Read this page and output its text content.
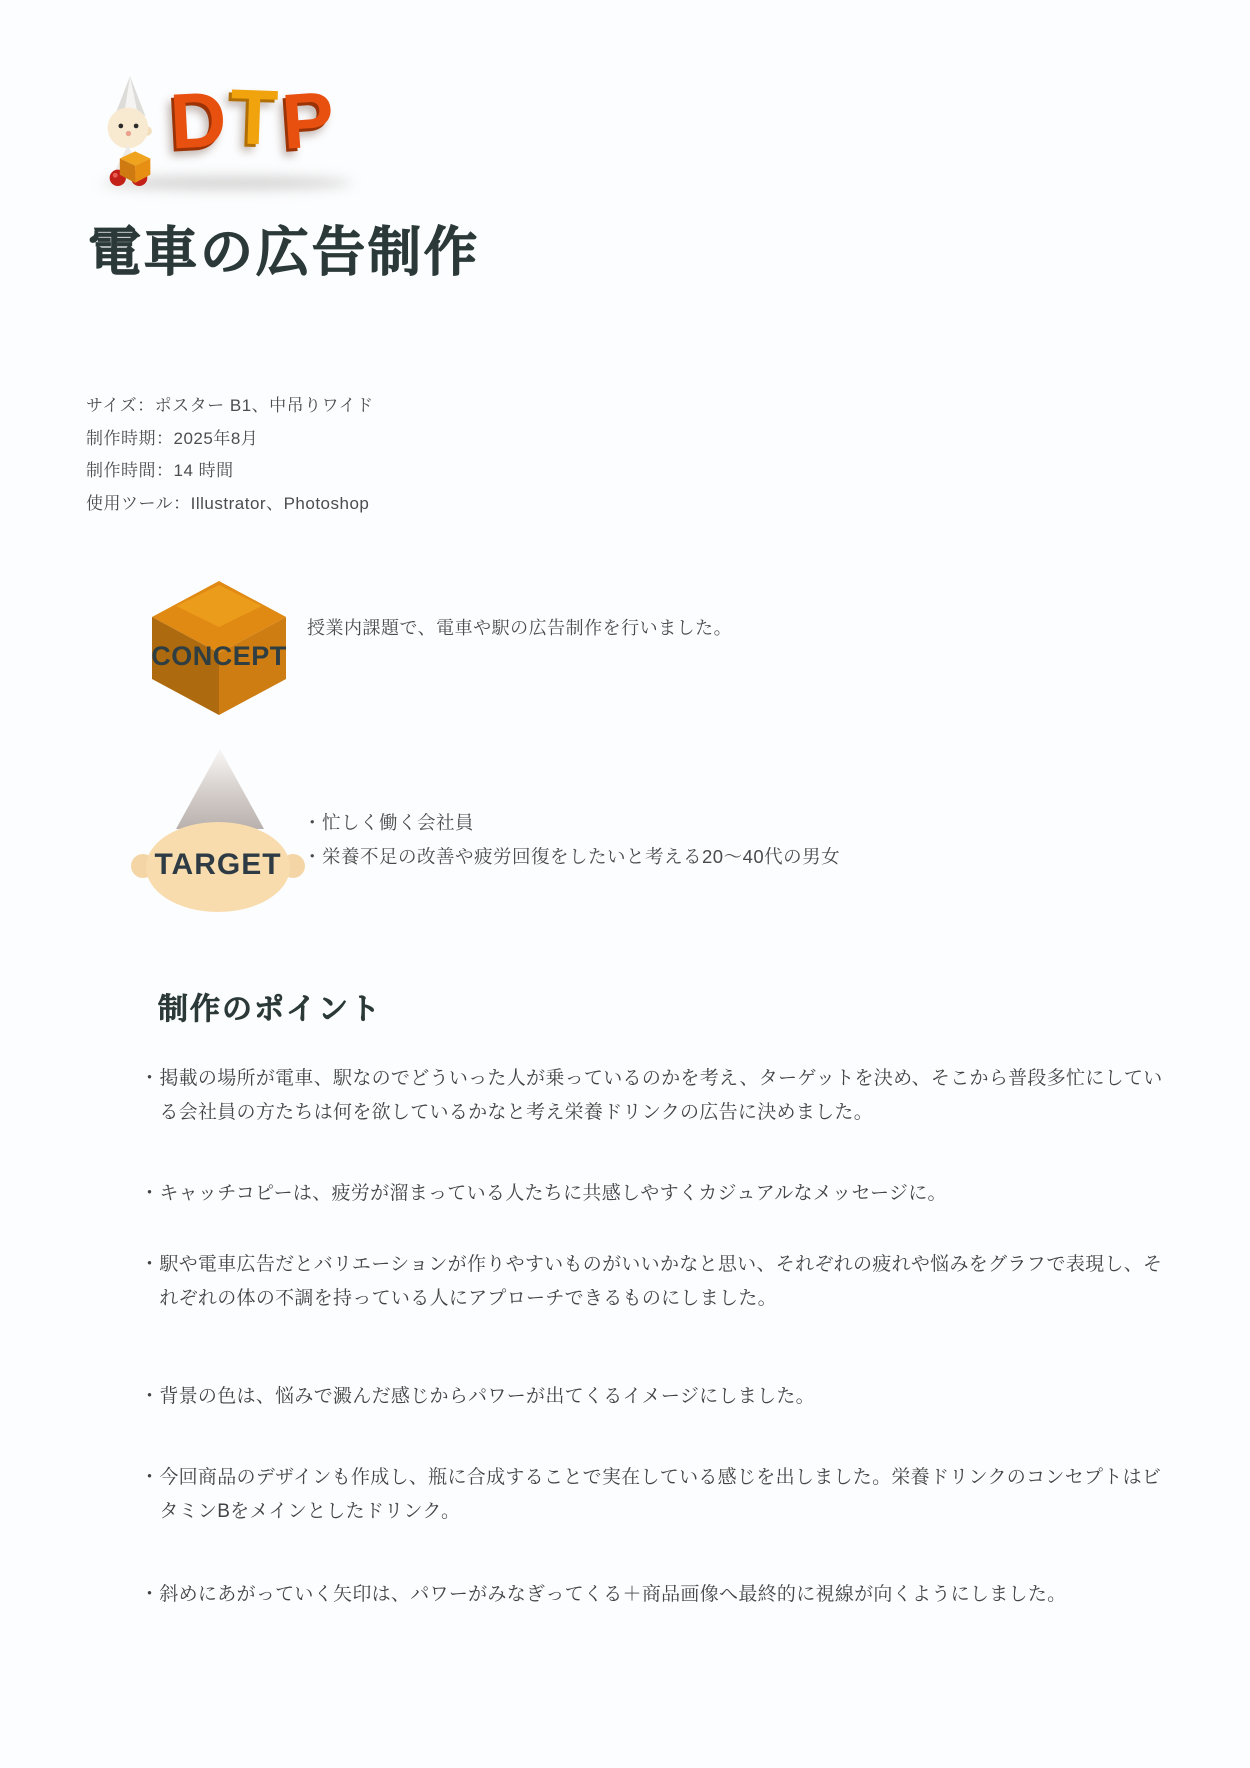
D
T
P
電車の広告制作
サイズ：ポスター B1、中吊りワイド
制作時期：2025年8月
制作時間：14 時間
使用ツール：Illustrator、Photoshop
CONCEPT
授業内課題で、電車や駅の広告制作を行いました。
TARGET
・ 忙しく働く会社員
・ 栄養不足の改善や疲労回復をしたいと考える20～40代の男女
制作のポイント
・ 掲載の場所が電車、駅なのでどういった人が乗っているのかを考え、ターゲットを決め、そこから普段多忙にしている会社員の方たちは何を欲しているかなと考え栄養ドリンクの広告に決めました。
・ キャッチコピーは、疲労が溜まっている人たちに共感しやすくカジュアルなメッセージに。
・ 駅や電車広告だとバリエーションが作りやすいものがいいかなと思い、それぞれの疲れや悩みをグラフで表現し、それぞれの体の不調を持っている人にアプローチできるものにしました。
・ 背景の色は、悩みで澱んだ感じからパワーが出てくるイメージにしました。
・ 今回商品のデザインも作成し、瓶に合成することで実在している感じを出しました。栄養ドリンクのコンセプトはビタミンBをメインとしたドリンク。
・ 斜めにあがっていく矢印は、パワーがみなぎってくる＋商品画像へ最終的に視線が向くようにしました。
